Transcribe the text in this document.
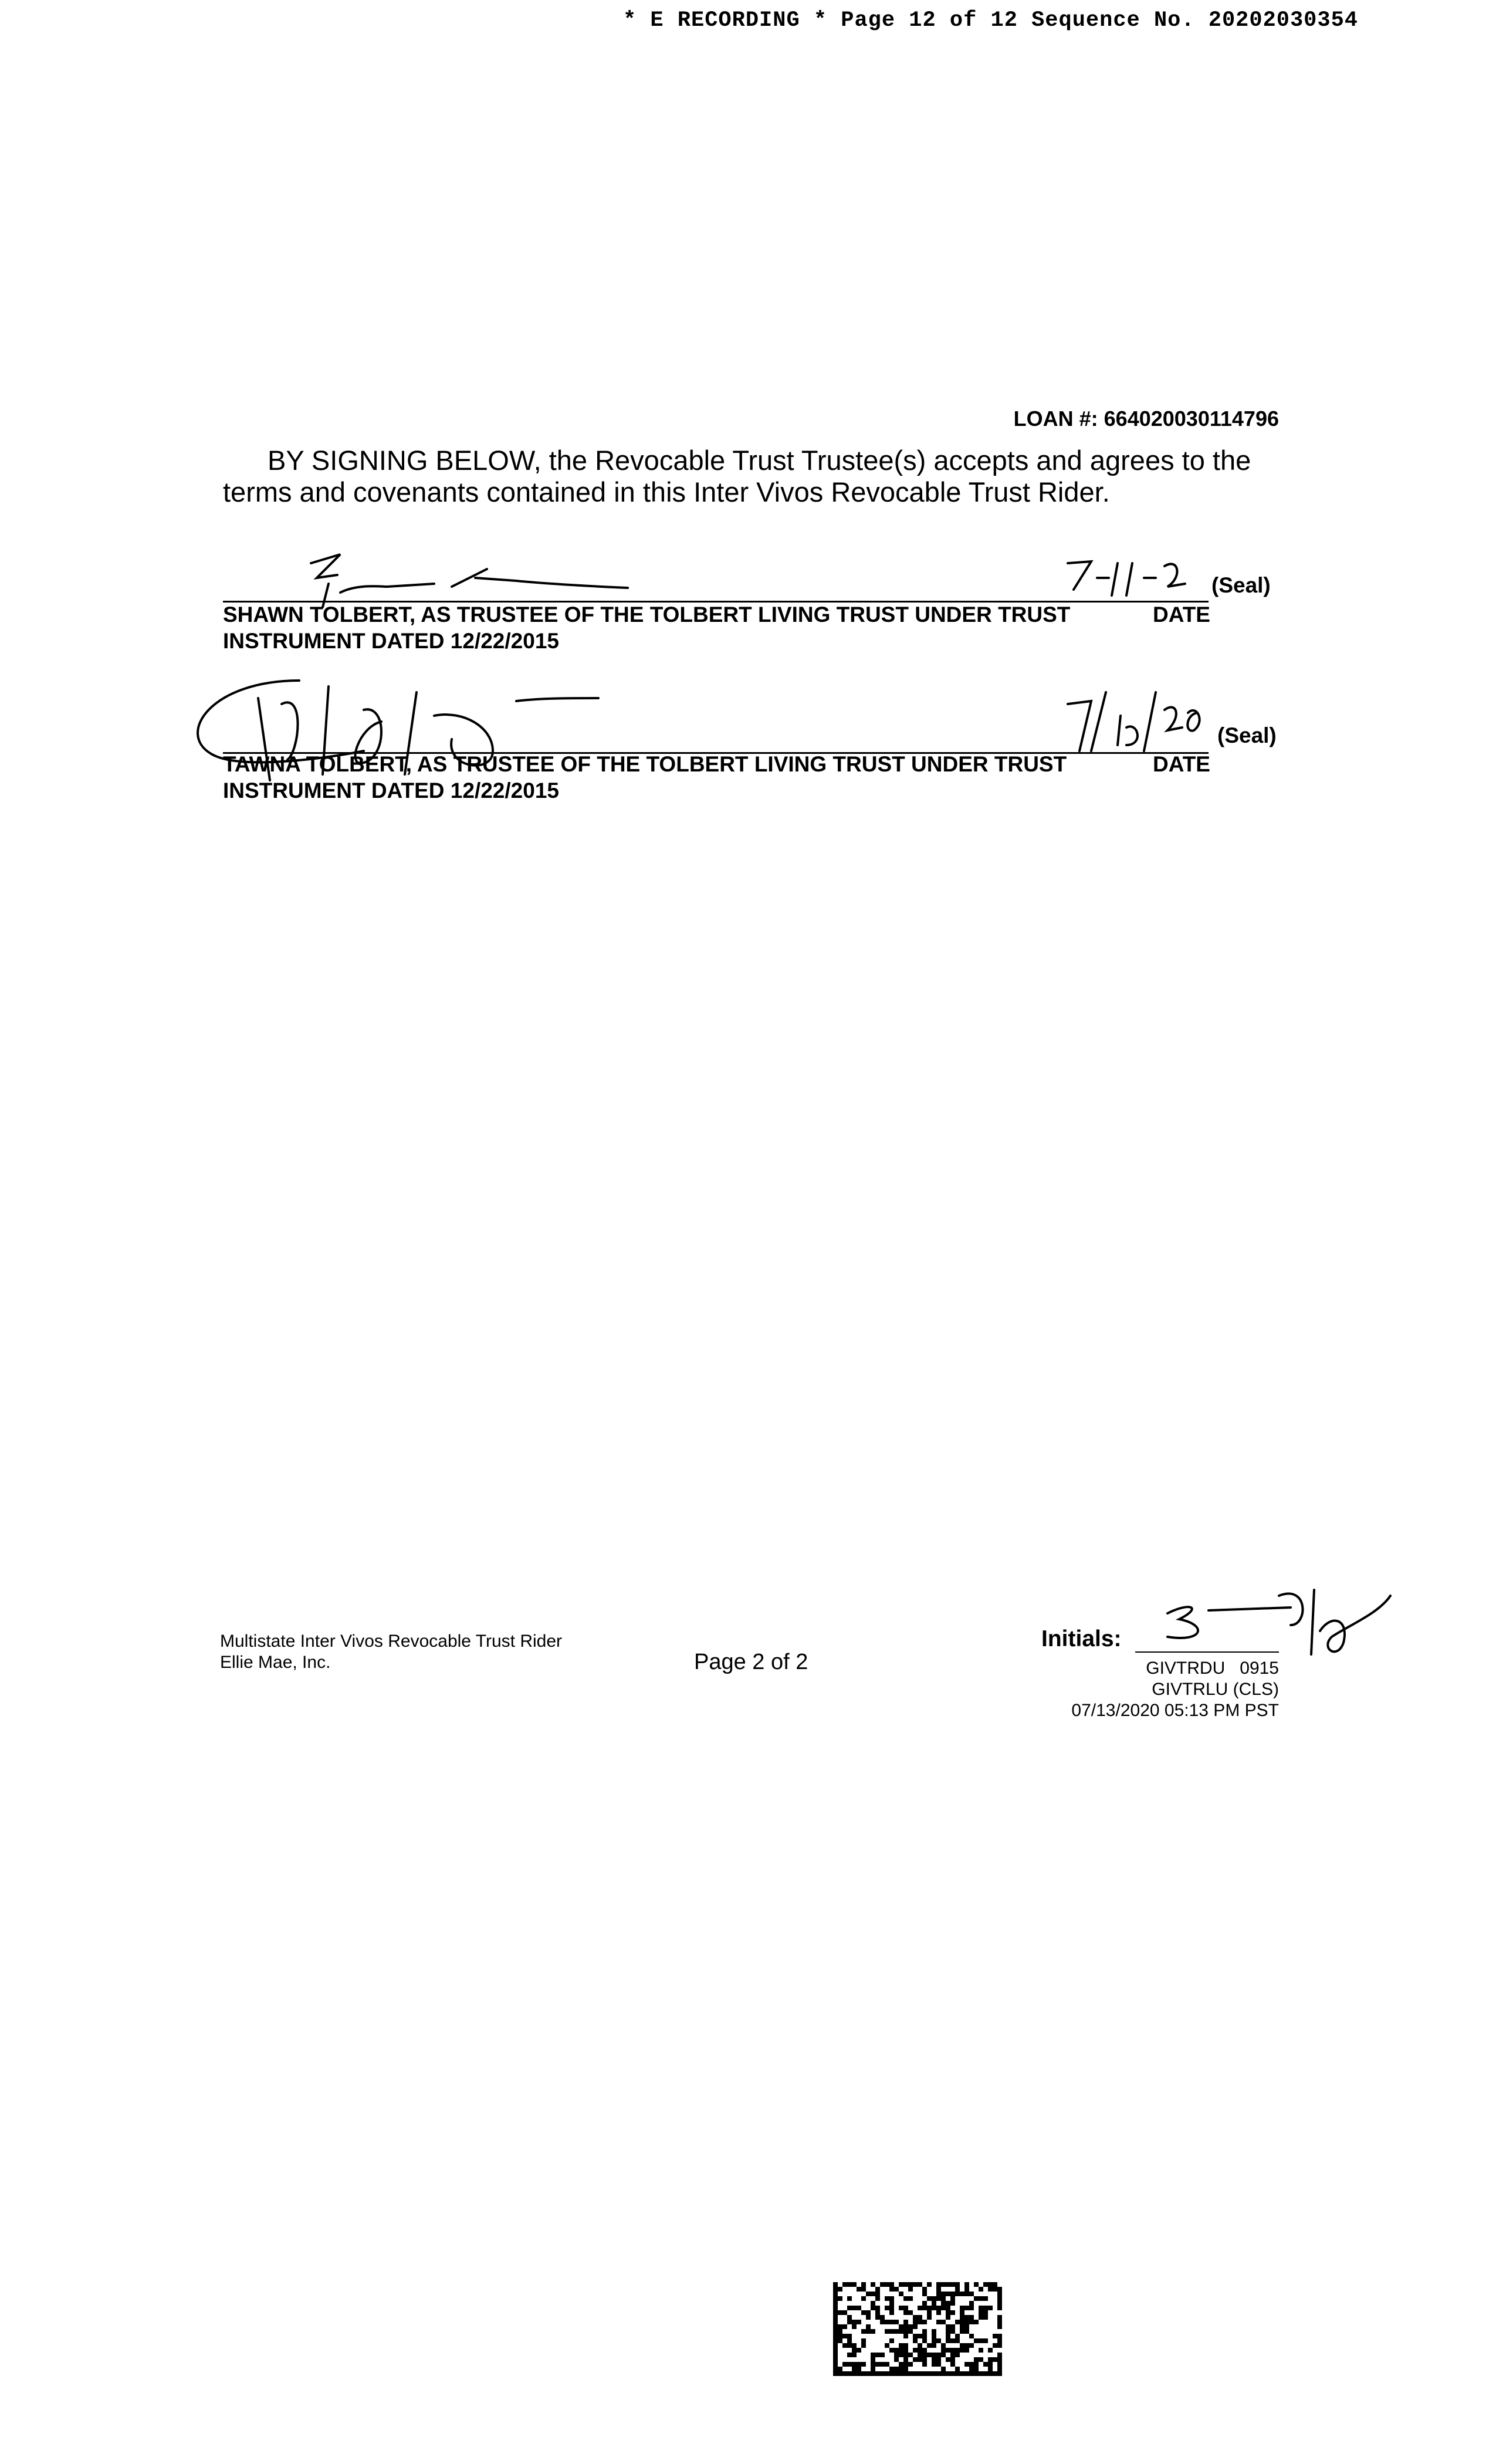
* E RECORDING * Page 12 of 12 Sequence No. 20202030354
LOAN #: 664020030114796
BY SIGNING BELOW, the Revocable Trust Trustee(s) accepts and agrees to the terms and covenants contained in this Inter Vivos Revocable Trust Rider.
(Seal)
SHAWN TOLBERT, AS TRUSTEE OF THE TOLBERT LIVING TRUST UNDER TRUST	DATE
INSTRUMENT DATED 12/22/2015
(Seal)
TAWNA TOLBERT, AS TRUSTEE OF THE TOLBERT LIVING TRUST UNDER TRUST	DATE
INSTRUMENT DATED 12/22/2015
Multistate Inter Vivos Revocable Trust Rider
Ellie Mae, Inc.	Page 2 of 2
Initials:
GIVTRDU   0915
GIVTRLU (CLS)
07/13/2020 05:13 PM PST
